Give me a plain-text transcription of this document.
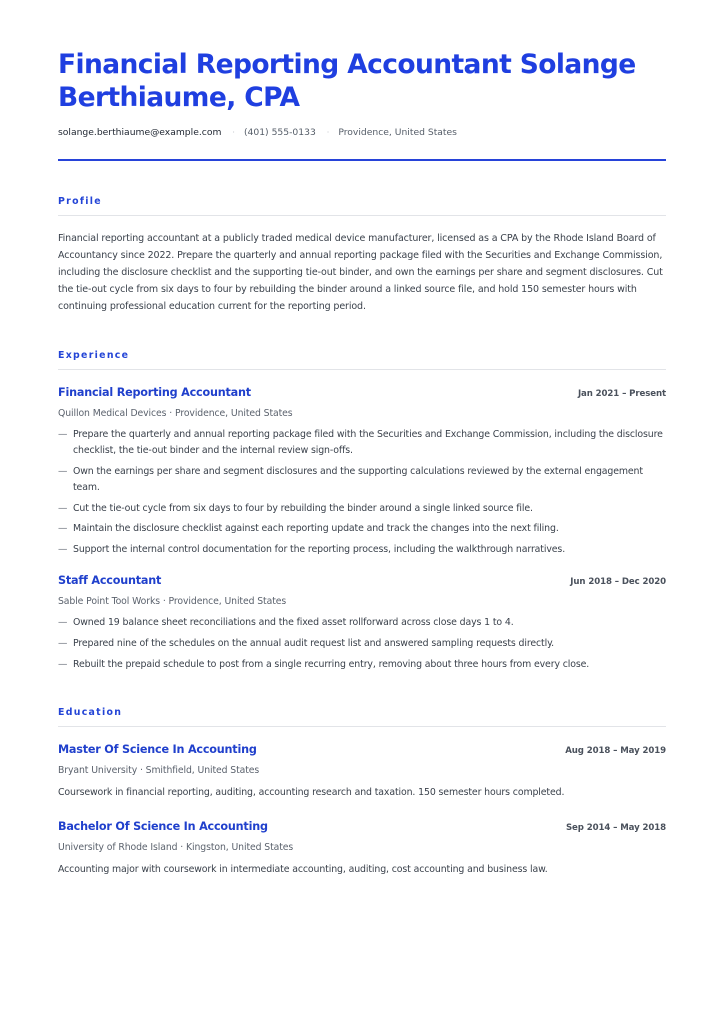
Financial Reporting Accountant Solange Berthiaume, CPA
solange.berthiaume@example.com · (401) 555-0133 · Providence, United States
Profile

Financial reporting accountant at a publicly traded medical device manufacturer, licensed as a CPA by the Rhode Island Board of Accountancy since 2022. Prepare the quarterly and annual reporting package filed with the Securities and Exchange Commission, including the disclosure checklist and the supporting tie-out binder, and own the earnings per share and segment disclosures. Cut the tie-out cycle from six days to four by rebuilding the binder around a linked source file, and hold 150 semester hours with continuing professional education current for the reporting period.

Experience
Financial Reporting Accountant	Jan 2021 – Present
Quillon Medical Devices · Providence, United States
— Prepare the quarterly and annual reporting package filed with the Securities and Exchange Commission, including the disclosure checklist, the tie-out binder and the internal review sign-offs.
— Own the earnings per share and segment disclosures and the supporting calculations reviewed by the external engagement team.
— Cut the tie-out cycle from six days to four by rebuilding the binder around a single linked source file.
— Maintain the disclosure checklist against each reporting update and track the changes into the next filing.
— Support the internal control documentation for the reporting process, including the walkthrough narratives.
Staff Accountant	Jun 2018 – Dec 2020
Sable Point Tool Works · Providence, United States
— Owned 19 balance sheet reconciliations and the fixed asset rollforward across close days 1 to 4.
— Prepared nine of the schedules on the annual audit request list and answered sampling requests directly.
— Rebuilt the prepaid schedule to post from a single recurring entry, removing about three hours from every close.
Education
Master Of Science In Accounting	Aug 2018 – May 2019
Bryant University · Smithfield, United States

Coursework in financial reporting, auditing, accounting research and taxation. 150 semester hours completed.

Bachelor Of Science In Accounting	Sep 2014 – May 2018
University of Rhode Island · Kingston, United States

Accounting major with coursework in intermediate accounting, auditing, cost accounting and business law.
